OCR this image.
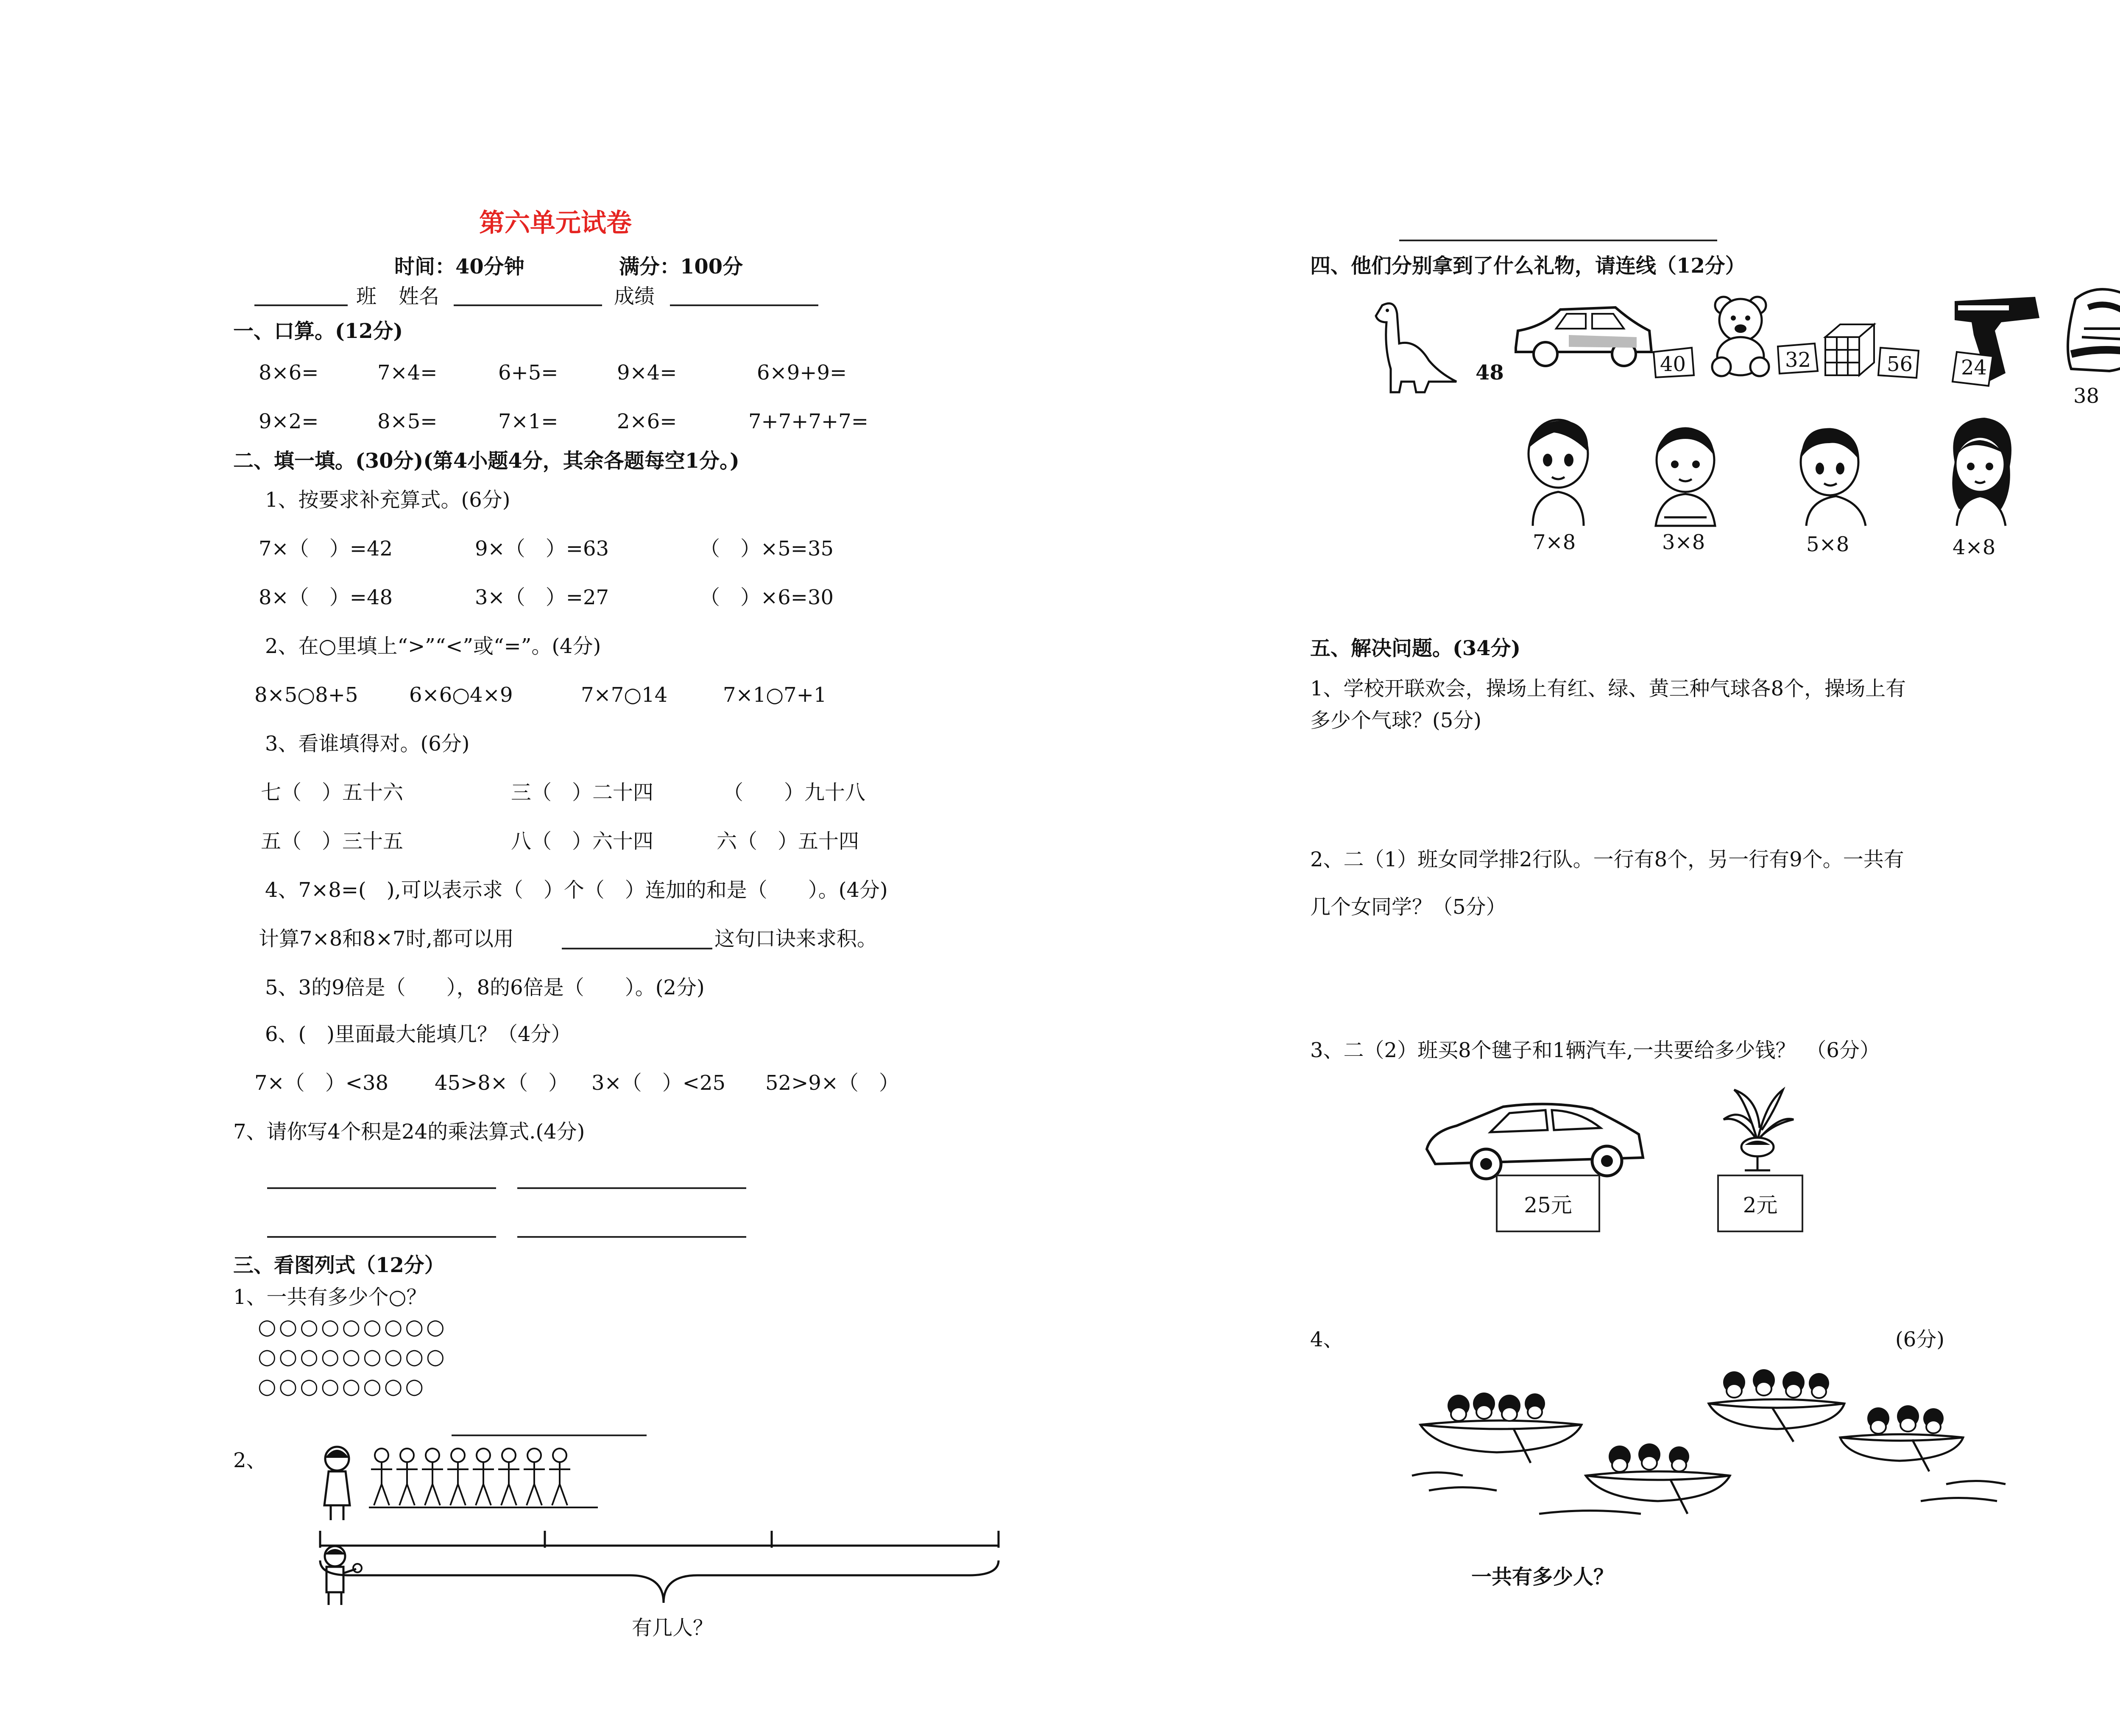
第六单元试卷
时间：40分钟	满分：100分
班 姓名	成绩
一、口算。(12分)
8×6=	7×4=	6+5=	9×4=	6×9+9=
9×2=	8×5=	7×1=	2×6=	7+7+7+7=
二、填一填。(30分)(第4小题4分，其余各题每空1分。)
1、按要求补充算式。(6分)
7×（　）=42	9×（　）=63	（　）×5=35
8×（　）=48	3×（　）=27	（　）×6=30
2、在○里填上“>”“<”或“=”。(4分)
8×5○8+5	6×6○4×9	7×7○14	7×1○7+1
3、看谁填得对。(6分)
七（　）五十六	三（　）二十四	（　　）九十八
五（　）三十五	八（　）六十四	六（　）五十四
4、7×8=(　),可以表示求（　）个（　）连加的和是（　　）。(4分)
计算7×8和8×7时,都可以用	这句口诀来求积。
5、3的9倍是（　　），8的6倍是（　　）。(2分)
6、(　)里面最大能填几？（4分）
7×（　）<38 45>8×（　） 3×（　）<25 52>9×（　）
7、请你写4个积是24的乘法算式.(4分)
三、看图列式（12分）
1、一共有多少个○？
○○○○○○○○○
○○○○○○○○○
○○○○○○○○
2、
有几人？
四、他们分别拿到了什么礼物，请连线（12分）
48	40	32	56 24
38
7×8	3×8	5×8	4×8
五、解决问题。(34分)
1、学校开联欢会，操场上有红、绿、黄三种气球各8个，操场上有
多少个气球？(5分)
2、二（1）班女同学排2行队。一行有8个，另一行有9个。一共有
几个女同学？（5分）
3、二（2）班买8个毽子和1辆汽车,一共要给多少钱？　（6分）
25元	2元
4、	(6分)
一共有多少人？
